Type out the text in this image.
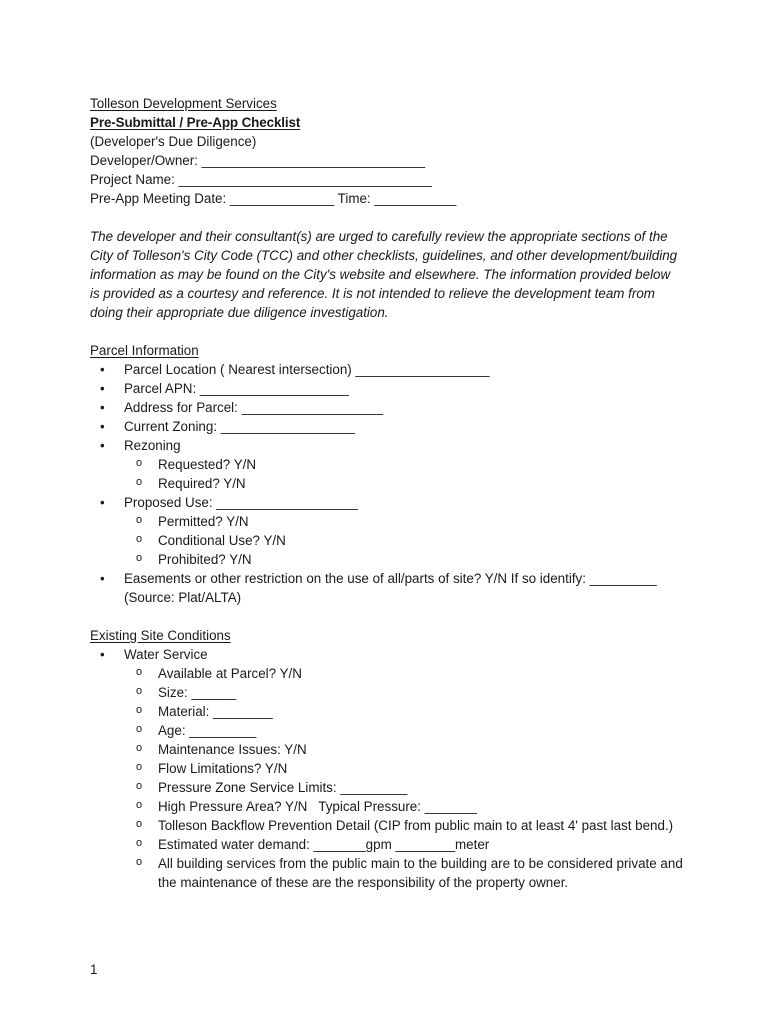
Tolleson Development Services
Pre-Submittal / Pre-App Checklist
(Developer's Due Diligence)
Developer/Owner: ______________________________
Project Name: __________________________________
Pre-App Meeting Date: ______________ Time: ___________
The developer and their consultant(s) are urged to carefully review the appropriate sections of the City of Tolleson's City Code (TCC) and other checklists, guidelines, and other development/building information as may be found on the City's website and elsewhere. The information provided below is provided as a courtesy and reference. It is not intended to relieve the development team from doing their appropriate due diligence investigation.
Parcel Information
• Parcel Location ( Nearest intersection) __________________
• Parcel APN: ____________________
• Address for Parcel: ___________________
• Current Zoning: __________________
• Rezoning
o Requested? Y/N
o Required? Y/N
• Proposed Use: ___________________
o Permitted? Y/N
o Conditional Use? Y/N
o Prohibited? Y/N
• Easements or other restriction on the use of all/parts of site? Y/N If so identify: _________
(Source: Plat/ALTA)
Existing Site Conditions
• Water Service
o Available at Parcel? Y/N
o Size: ______
o Material: ________
o Age: _________
o Maintenance Issues: Y/N
o Flow Limitations? Y/N
o Pressure Zone Service Limits: _________
o High Pressure Area? Y/N   Typical Pressure: _______
o Tolleson Backflow Prevention Detail (CIP from public main to at least 4' past last bend.)
o Estimated water demand: _______gpm ________meter
o All building services from the public main to the building are to be considered private and the maintenance of these are the responsibility of the property owner.
1
